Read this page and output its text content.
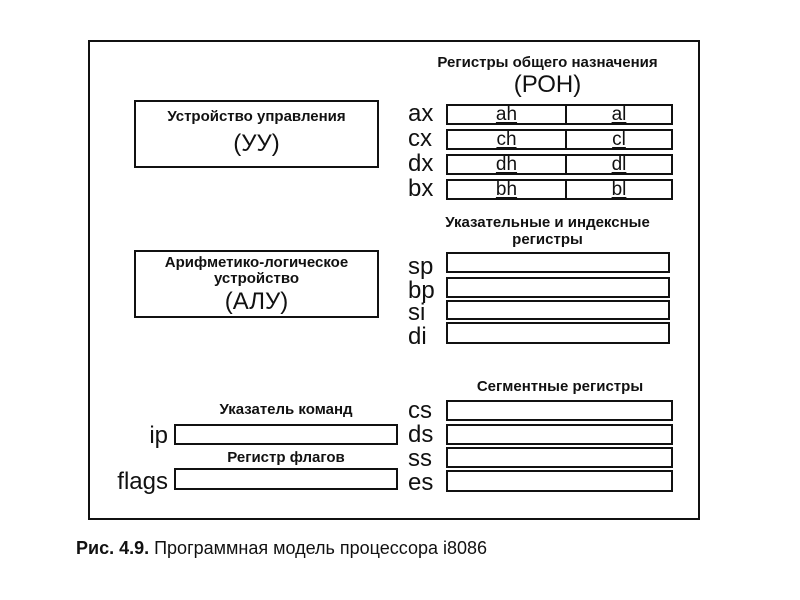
Регистры общего назначения
(РОН)
ax	ah	al
cx	ch	cl
dx	dh	dl
bx	bh	bl
Устройство управления
(УУ)
Указательные и индексные
регистры
sp
bp
si
di
Арифметико-логическое
устройство
(АЛУ)
Сегментные регистры
cs
ds
ss
es
Указатель команд
ip
Регистр флагов
flags
Рис. 4.9. Программная модель процессора i8086
